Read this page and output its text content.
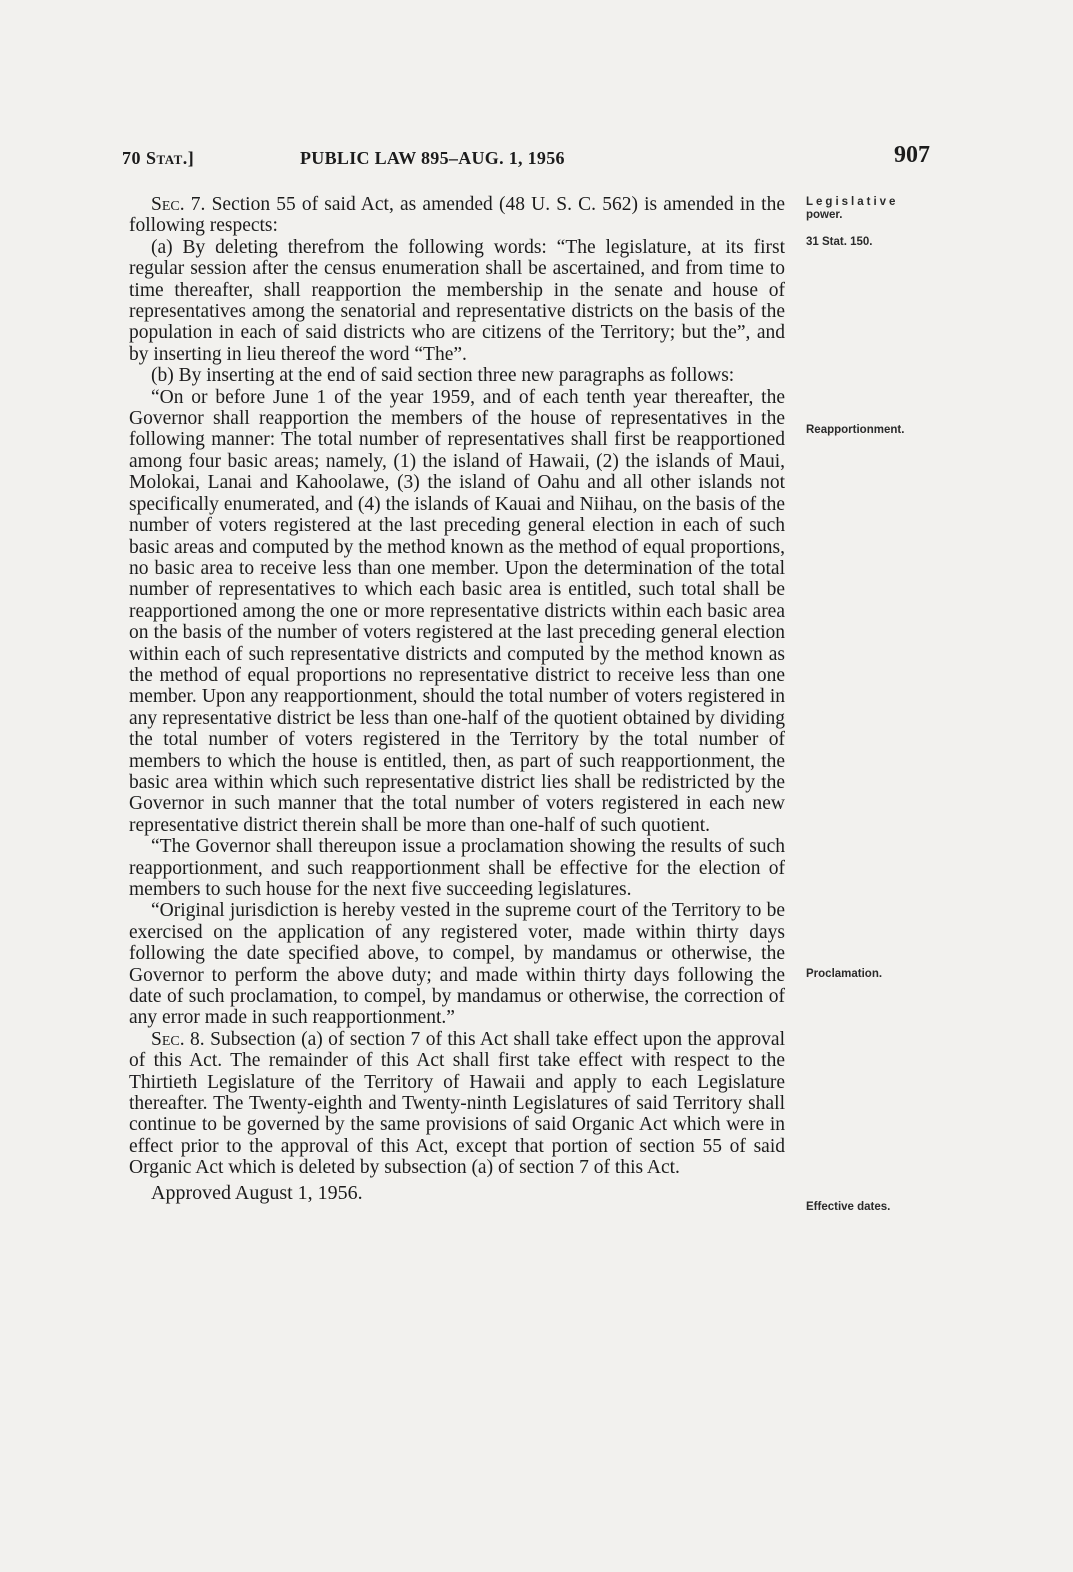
70 Stat.]	PUBLIC LAW 895–AUG. 1, 1956	907

Sec. 7. Section 55 of said Act, as amended (48 U. S. C. 562) is amended in the following respects:

(a) By deleting therefrom the following words: “The legislature, at its first regular session after the census enumeration shall be ascertained, and from time to time thereafter, shall reapportion the membership in the senate and house of representatives among the senatorial and representative districts on the basis of the population in each of said districts who are citizens of the Territory; but the”, and by inserting in lieu thereof the word “The”.

(b) By inserting at the end of said section three new paragraphs as follows:

“On or before June 1 of the year 1959, and of each tenth year thereafter, the Governor shall reapportion the members of the house of representatives in the following manner: The total number of representatives shall first be reapportioned among four basic areas; namely, (1) the island of Hawaii, (2) the islands of Maui, Molokai, Lanai and Kahoolawe, (3) the island of Oahu and all other islands not specifically enumerated, and (4) the islands of Kauai and Niihau, on the basis of the number of voters registered at the last preceding general election in each of such basic areas and computed by the method known as the method of equal proportions, no basic area to receive less than one member. Upon the determination of the total number of representatives to which each basic area is entitled, such total shall be reapportioned among the one or more representative districts within each basic area on the basis of the number of voters registered at the last preceding general election within each of such representative districts and computed by the method known as the method of equal proportions no representative district to receive less than one member. Upon any reapportionment, should the total number of voters registered in any representative district be less than one-half of the quotient obtained by dividing the total number of voters registered in the Territory by the total number of members to which the house is entitled, then, as part of such reapportionment, the basic area within which such representative district lies shall be redistricted by the Governor in such manner that the total number of voters registered in each new representative district therein shall be more than one-half of such quotient.

“The Governor shall thereupon issue a proclamation showing the results of such reapportionment, and such reapportionment shall be effective for the election of members to such house for the next five succeeding legislatures.

“Original jurisdiction is hereby vested in the supreme court of the Territory to be exercised on the application of any registered voter, made within thirty days following the date specified above, to compel, by mandamus or otherwise, the Governor to perform the above duty; and made within thirty days following the date of such proclamation, to compel, by mandamus or otherwise, the correction of any error made in such reapportionment.”

Sec. 8. Subsection (a) of section 7 of this Act shall take effect upon the approval of this Act. The remainder of this Act shall first take effect with respect to the Thirtieth Legislature of the Territory of Hawaii and apply to each Legislature thereafter. The Twenty-eighth and Twenty-ninth Legislatures of said Territory shall continue to be governed by the same provisions of said Organic Act which were in effect prior to the approval of this Act, except that portion of section 55 of said Organic Act which is deleted by subsection (a) of section 7 of this Act.

Approved August 1, 1956.

Legislative
power.
31 Stat. 150.
Reapportionment.
Proclamation.
Effective dates.
